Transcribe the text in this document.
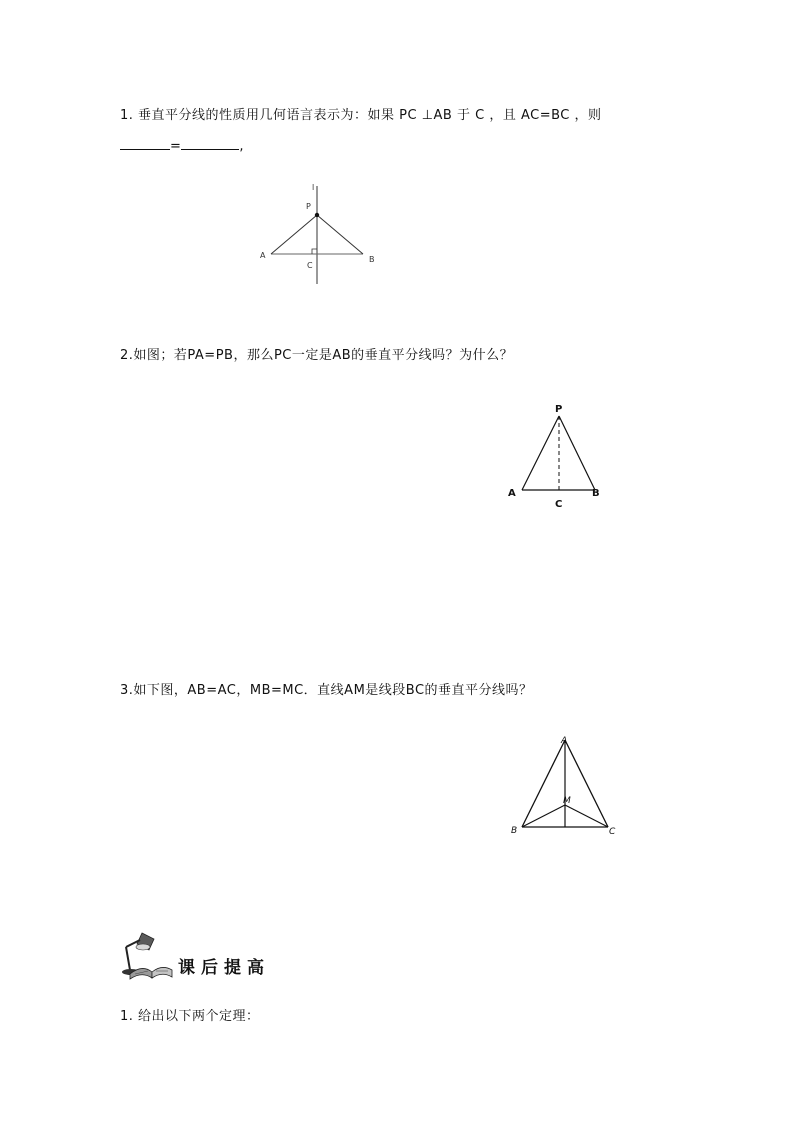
1. 垂直平分线的性质用几何语言表示为：如果 PC ⊥AB 于 C ，且 AC=BC ，则
=	,
l
P
A	B
C
2.如图；若PA=PB，那么PC一定是AB的垂直平分线吗？为什么？
P
A	B
C
3.如下图，AB=AC，MB=MC．直线AM是线段BC的垂直平分线吗？
A
M
B	C
课后提高
1. 给出以下两个定理：
